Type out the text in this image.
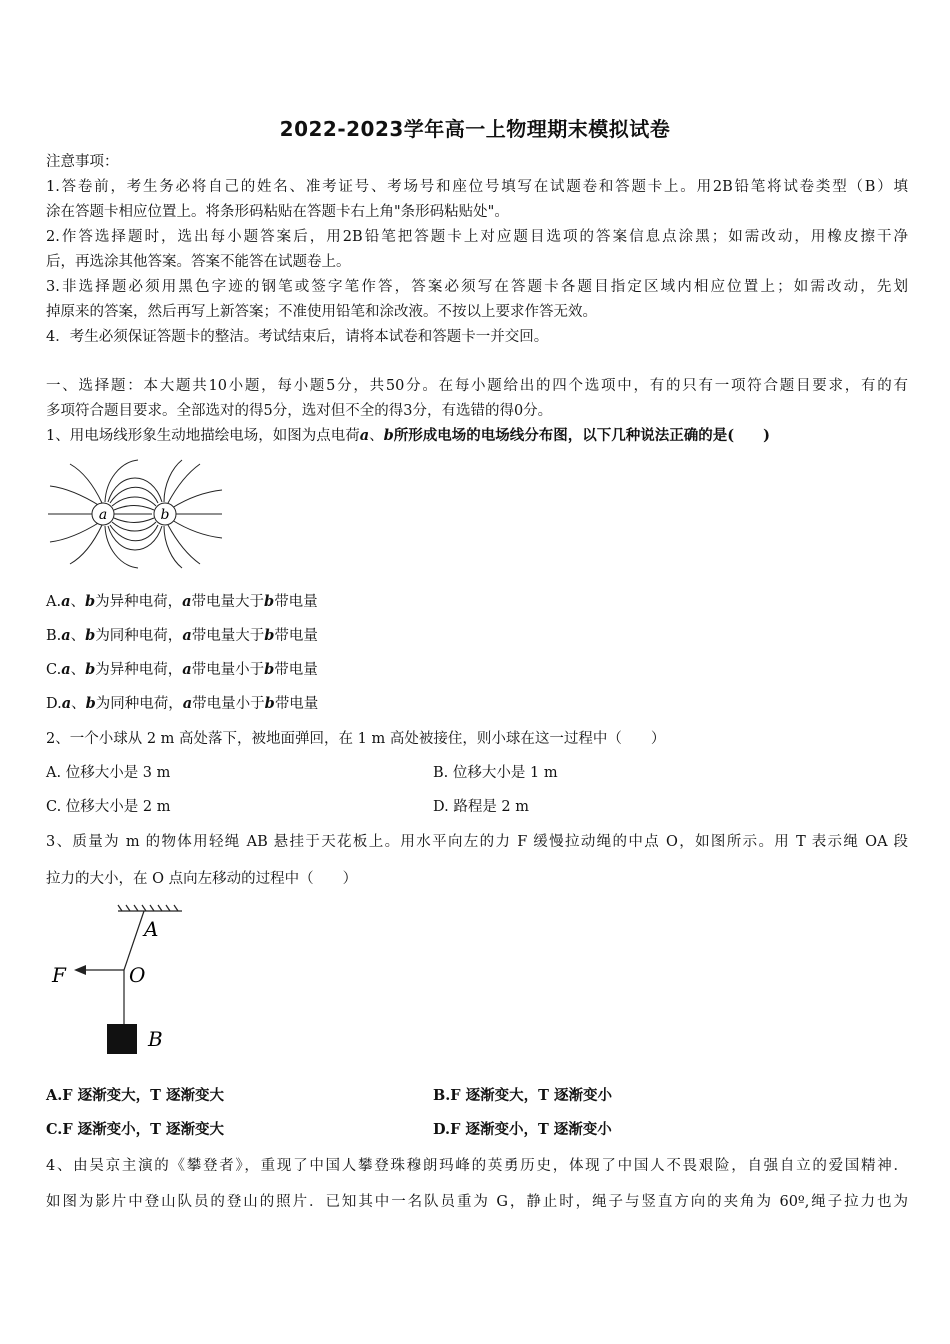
2022-2023学年高一上物理期末模拟试卷
注意事项：
1.答卷前，考生务必将自己的姓名、准考证号、考场号和座位号填写在试题卷和答题卡上。用2B铅笔将试卷类型（B）填
涂在答题卡相应位置上。将条形码粘贴在答题卡右上角"条形码粘贴处"。
2.作答选择题时，选出每小题答案后，用2B铅笔把答题卡上对应题目选项的答案信息点涂黑；如需改动，用橡皮擦干净
后，再选涂其他答案。答案不能答在试题卷上。
3.非选择题必须用黑色字迹的钢笔或签字笔作答，答案必须写在答题卡各题目指定区域内相应位置上；如需改动，先划
掉原来的答案，然后再写上新答案；不准使用铅笔和涂改液。不按以上要求作答无效。
4．考生必须保证答题卡的整洁。考试结束后，请将本试卷和答题卡一并交回。
一、选择题：本大题共10小题，每小题5分，共50分。在每小题给出的四个选项中，有的只有一项符合题目要求，有的有
多项符合题目要求。全部选对的得5分，选对但不全的得3分，有选错的得0分。
1、用电场线形象生动地描绘电场，如图为点电荷a、b所形成电场的电场线分布图，以下几种说法正确的是(　　)
a	b
A.a、b为异种电荷，a带电量大于b带电量
B.a、b为同种电荷，a带电量大于b带电量
C.a、b为异种电荷，a带电量小于b带电量
D.a、b为同种电荷，a带电量小于b带电量
2、一个小球从 2 m 高处落下，被地面弹回，在 1 m 高处被接住，则小球在这一过程中（　　）
A. 位移大小是 3 m	B. 位移大小是 1 m
C. 位移大小是 2 m	D. 路程是 2 m
3、质量为 m 的物体用轻绳 AB 悬挂于天花板上。用水平向左的力 F 缓慢拉动绳的中点 O，如图所示。用 T 表示绳 OA 段
拉力的大小，在 O 点向左移动的过程中（　　）
A
O
F
B
A.F 逐渐变大，T 逐渐变大	B.F 逐渐变大，T 逐渐变小
C.F 逐渐变小，T 逐渐变大	D.F 逐渐变小，T 逐渐变小
4、由吴京主演的《攀登者》，重现了中国人攀登珠穆朗玛峰的英勇历史，体现了中国人不畏艰险，自强自立的爱国精神．
如图为影片中登山队员的登山的照片．已知其中一名队员重为 G，静止时，绳子与竖直方向的夹角为 60º,绳子拉力也为
